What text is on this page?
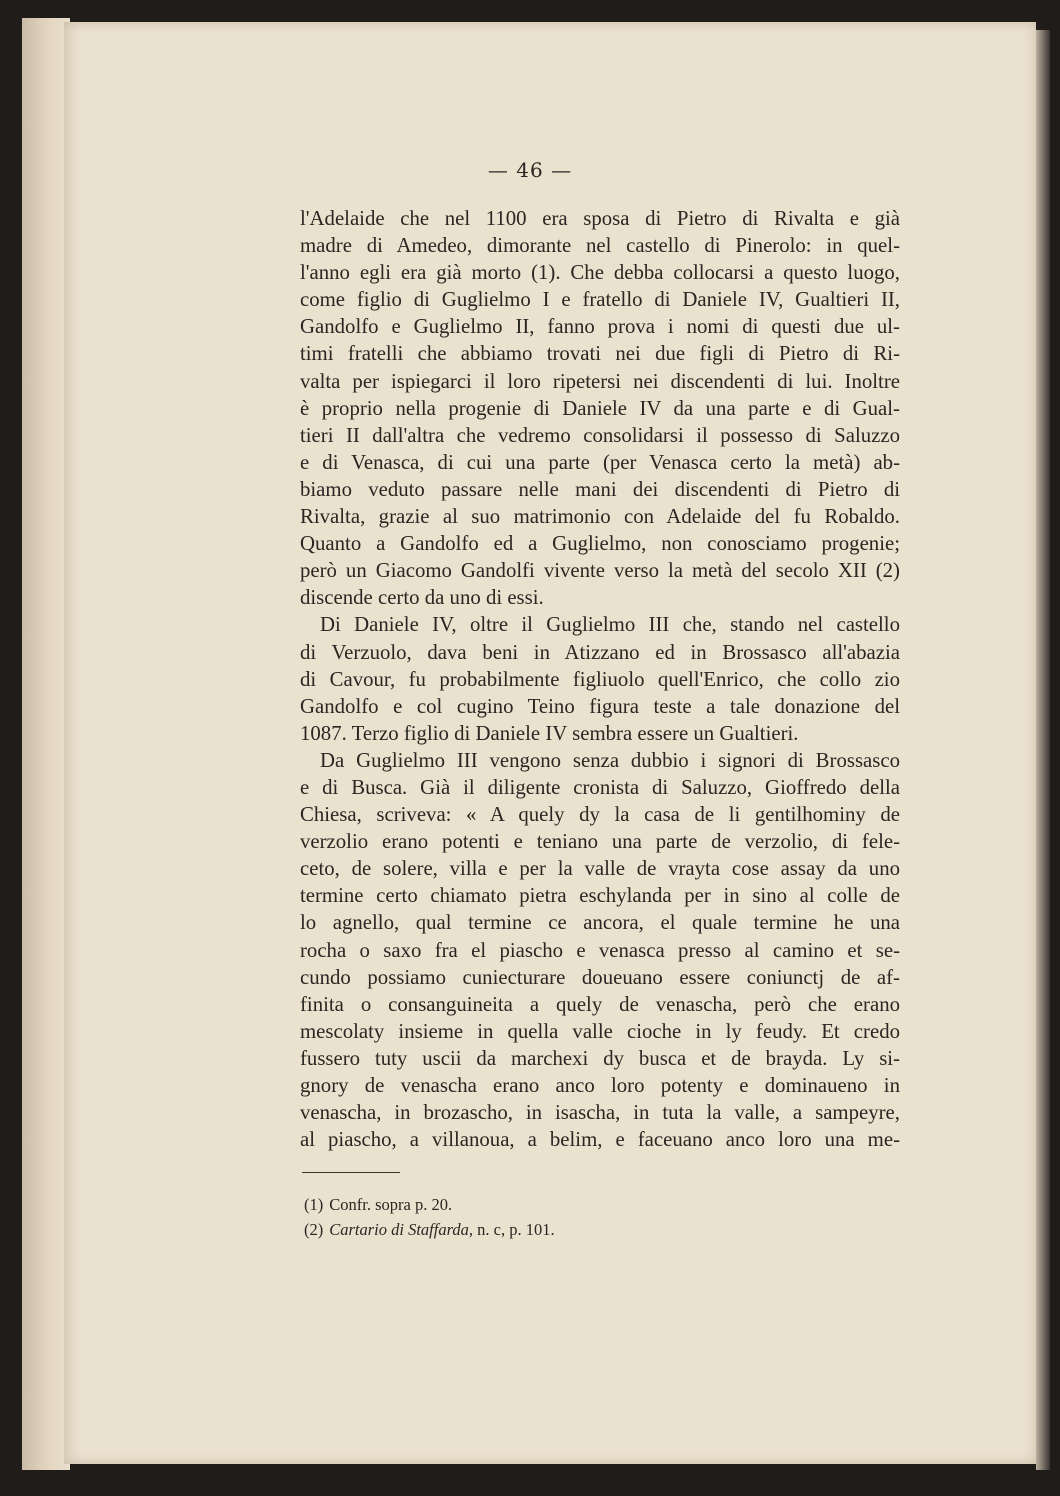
— 46 —
l'Adelaide che nel 1100 era sposa di Pietro di Rivalta e già
madre di Amedeo, dimorante nel castello di Pinerolo: in quel-
l'anno egli era già morto (1). Che debba collocarsi a questo luogo,
come figlio di Guglielmo I e fratello di Daniele IV, Gualtieri II,
Gandolfo e Guglielmo II, fanno prova i nomi di questi due ul-
timi fratelli che abbiamo trovati nei due figli di Pietro di Ri-
valta per ispiegarci il loro ripetersi nei discendenti di lui. Inoltre
è proprio nella progenie di Daniele IV da una parte e di Gual-
tieri II dall'altra che vedremo consolidarsi il possesso di Saluzzo
e di Venasca, di cui una parte (per Venasca certo la metà) ab-
biamo veduto passare nelle mani dei discendenti di Pietro di
Rivalta, grazie al suo matrimonio con Adelaide del fu Robaldo.
Quanto a Gandolfo ed a Guglielmo, non conosciamo progenie;
però un Giacomo Gandolfi vivente verso la metà del secolo XII (2)
discende certo da uno di essi.
Di Daniele IV, oltre il Guglielmo III che, stando nel castello
di Verzuolo, dava beni in Atizzano ed in Brossasco all'abazia
di Cavour, fu probabilmente figliuolo quell'Enrico, che collo zio
Gandolfo e col cugino Teino figura teste a tale donazione del
1087. Terzo figlio di Daniele IV sembra essere un Gualtieri.
Da Guglielmo III vengono senza dubbio i signori di Brossasco
e di Busca. Già il diligente cronista di Saluzzo, Gioffredo della
Chiesa, scriveva: « A quely dy la casa de li gentilhominy de
verzolio erano potenti e teniano una parte de verzolio, di fele-
ceto, de solere, villa e per la valle de vrayta cose assay da uno
termine certo chiamato pietra eschylanda per in sino al colle de
lo agnello, qual termine ce ancora, el quale termine he una
rocha o saxo fra el piascho e venasca presso al camino et se-
cundo possiamo cuniecturare doueuano essere coniunctj de af-
finita o consanguineita a quely de venascha, però che erano
mescolaty insieme in quella valle cioche in ly feudy. Et credo
fussero tuty uscii da marchexi dy busca et de brayda. Ly si-
gnory de venascha erano anco loro potenty e dominaueno in
venascha, in brozascho, in isascha, in tuta la valle, a sampeyre,
al piascho, a villanoua, a belim, e faceuano anco loro una me-
(1) Confr. sopra p. 20.
(2) Cartario di Staffarda, n. c, p. 101.
